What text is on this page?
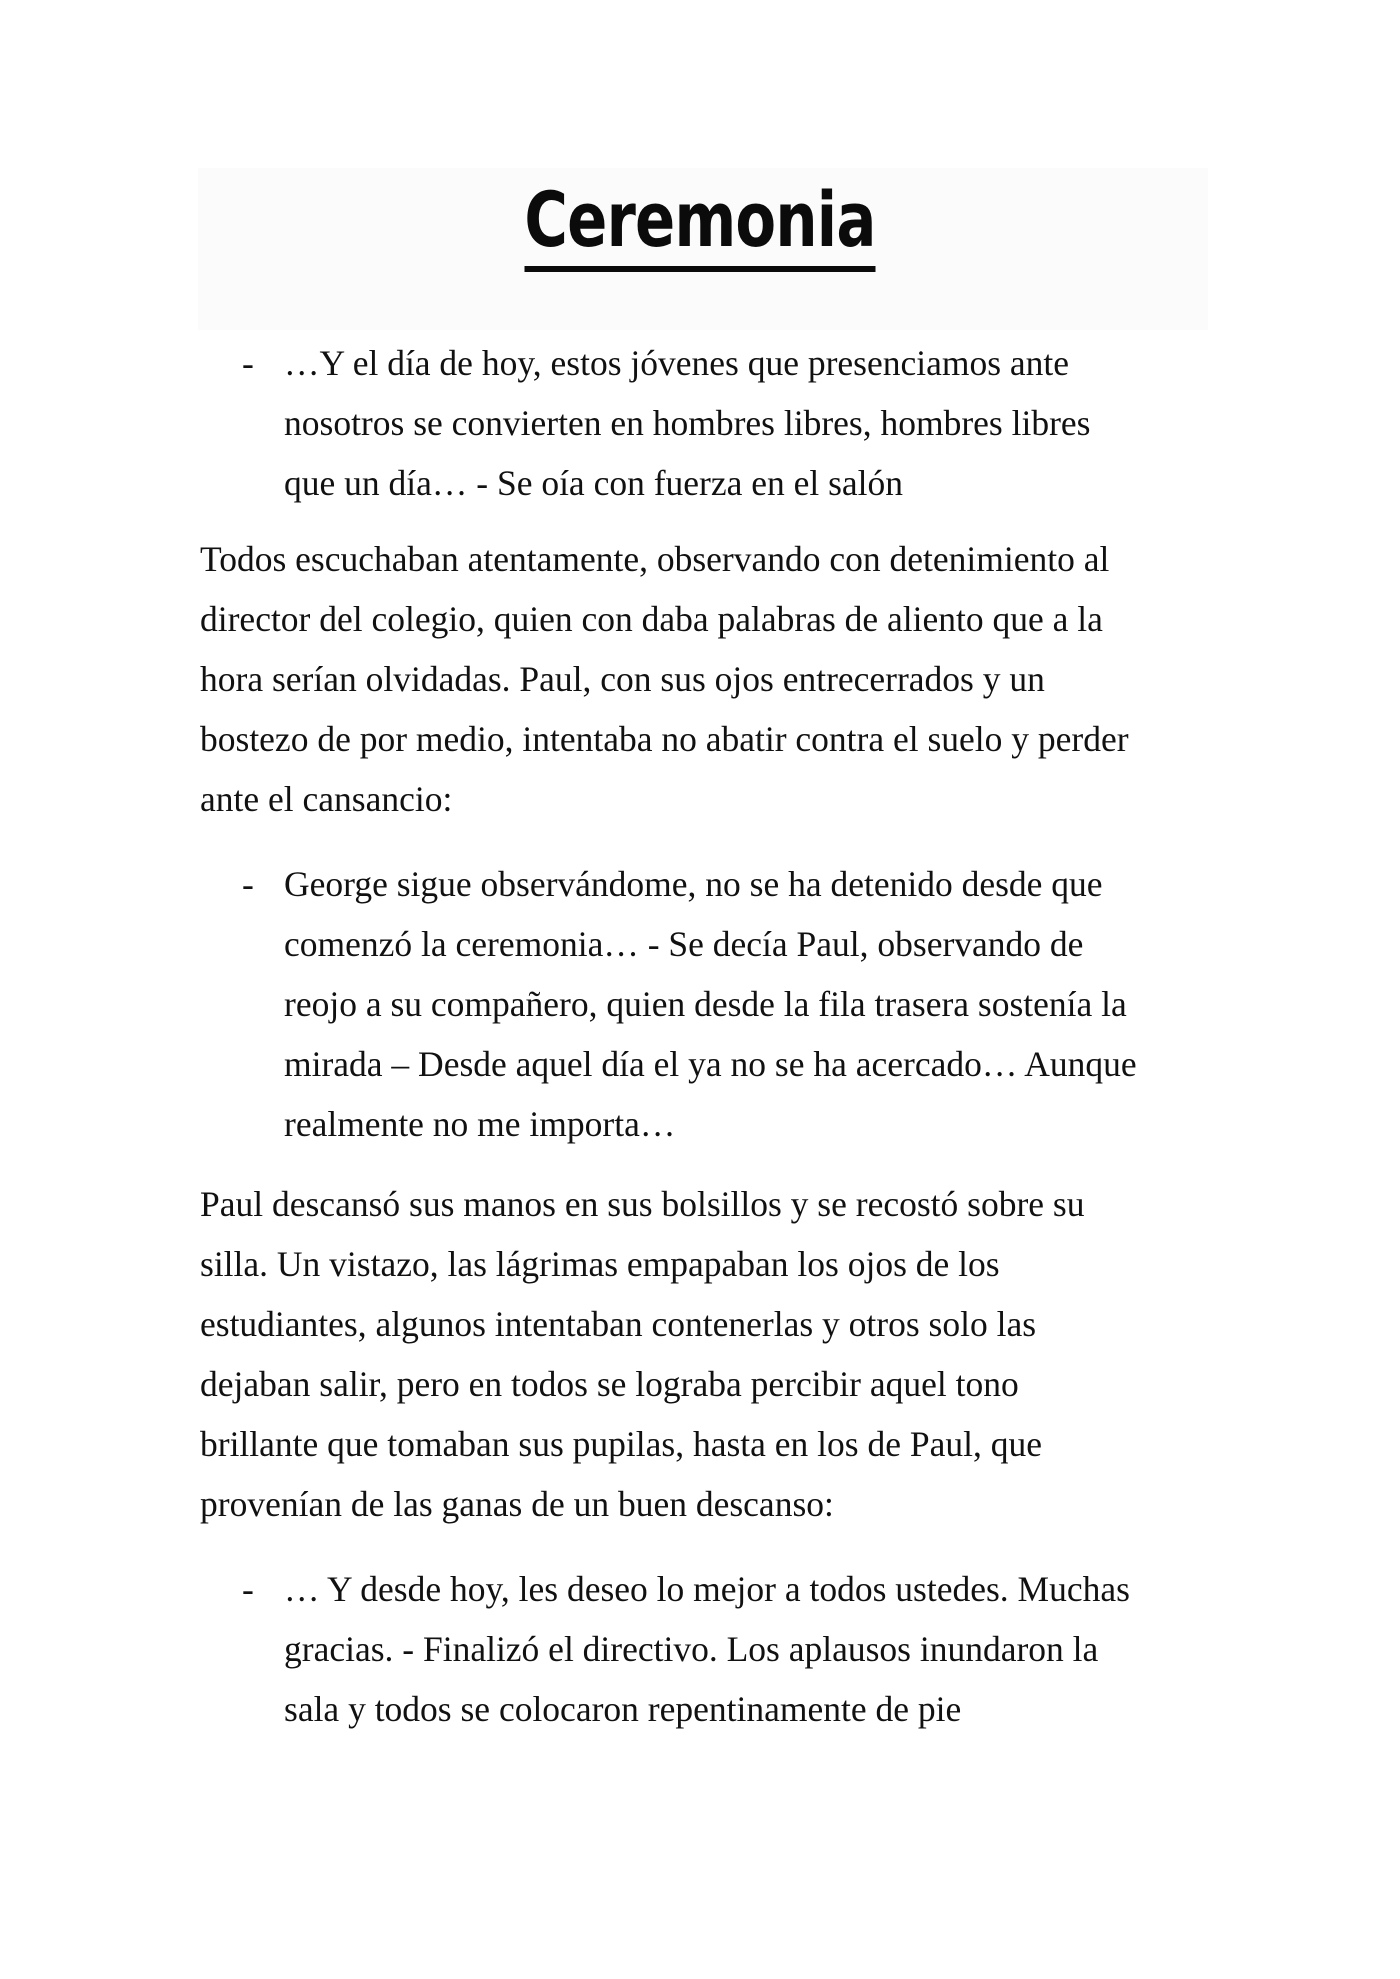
Ceremonia
- …Y el día de hoy, estos jóvenes que presenciamos ante
nosotros se convierten en hombres libres, hombres libres
que un día… - Se oía con fuerza en el salón
Todos escuchaban atentamente, observando con detenimiento al
director del colegio, quien con daba palabras de aliento que a la
hora serían olvidadas. Paul, con sus ojos entrecerrados y un
bostezo de por medio, intentaba no abatir contra el suelo y perder
ante el cansancio:
- George sigue observándome, no se ha detenido desde que
comenzó la ceremonia… - Se decía Paul, observando de
reojo a su compañero, quien desde la fila trasera sostenía la
mirada – Desde aquel día el ya no se ha acercado… Aunque
realmente no me importa…
Paul descansó sus manos en sus bolsillos y se recostó sobre su
silla. Un vistazo, las lágrimas empapaban los ojos de los
estudiantes, algunos intentaban contenerlas y otros solo las
dejaban salir, pero en todos se lograba percibir aquel tono
brillante que tomaban sus pupilas, hasta en los de Paul, que
provenían de las ganas de un buen descanso:
- … Y desde hoy, les deseo lo mejor a todos ustedes. Muchas
gracias. - Finalizó el directivo. Los aplausos inundaron la
sala y todos se colocaron repentinamente de pie
